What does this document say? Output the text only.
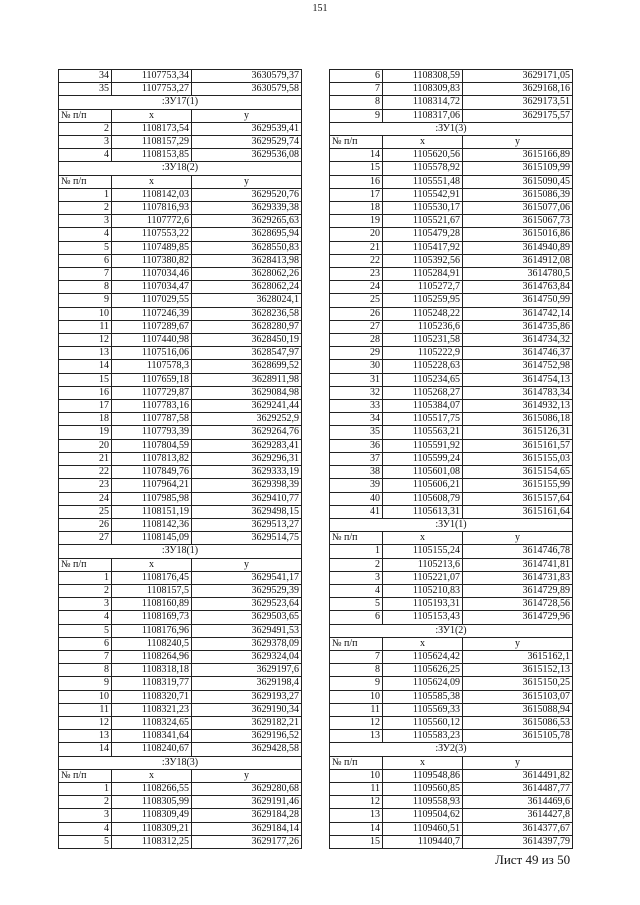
151
34	1107753,34	3630579,37
35	1107753,27	3630579,58
:ЗУ17(1)		
№ п/п	x	y
2	1108173,54	3629539,41
3	1108157,29	3629529,74
4	1108153,85	3629536,08
:ЗУ18(2)		
№ п/п	x	y
1	1108142,03	3629520,76
2	1107816,93	3629339,38
3	1107772,6	3629265,63
4	1107553,22	3628695,94
5	1107489,85	3628550,83
6	1107380,82	3628413,98
7	1107034,46	3628062,26
8	1107034,47	3628062,24
9	1107029,55	3628024,1
10	1107246,39	3628236,58
11	1107289,67	3628280,97
12	1107440,98	3628450,19
13	1107516,06	3628547,97
14	1107578,3	3628699,52
15	1107659,18	3628911,98
16	1107729,87	3629084,98
17	1107783,16	3629241,44
18	1107787,58	3629252,9
19	1107793,39	3629264,76
20	1107804,59	3629283,41
21	1107813,82	3629296,31
22	1107849,76	3629333,19
23	1107964,21	3629398,39
24	1107985,98	3629410,77
25	1108151,19	3629498,15
26	1108142,36	3629513,27
27	1108145,09	3629514,75
:ЗУ18(1)		
№ п/п	x	y
1	1108176,45	3629541,17
2	1108157,5	3629529,39
3	1108160,89	3629523,64
4	1108169,73	3629503,65
5	1108176,96	3629491,53
6	1108240,5	3629378,09
7	1108264,96	3629324,04
8	1108318,18	3629197,6
9	1108319,77	3629198,4
10	1108320,71	3629193,27
11	1108321,23	3629190,34
12	1108324,65	3629182,21
13	1108341,64	3629196,52
14	1108240,67	3629428,58
:ЗУ18(3)		
№ п/п	x	y
1	1108266,55	3629280,68
2	1108305,99	3629191,46
3	1108309,49	3629184,28
4	1108309,21	3629184,14
5	1108312,25	3629177,26
6	1108308,59	3629171,05
7	1108309,83	3629168,16
8	1108314,72	3629173,51
9	1108317,06	3629175,57
:ЗУ1(3)		
№ п/п	x	y
14	1105620,56	3615166,89
15	1105578,92	3615109,99
16	1105551,48	3615090,45
17	1105542,91	3615086,39
18	1105530,17	3615077,06
19	1105521,67	3615067,73
20	1105479,28	3615016,86
21	1105417,92	3614940,89
22	1105392,56	3614912,08
23	1105284,91	3614780,5
24	1105272,7	3614763,84
25	1105259,95	3614750,99
26	1105248,22	3614742,14
27	1105236,6	3614735,86
28	1105231,58	3614734,32
29	1105222,9	3614746,37
30	1105228,63	3614752,98
31	1105234,65	3614754,13
32	1105268,27	3614783,34
33	1105384,07	3614932,13
34	1105517,75	3615086,18
35	1105563,21	3615126,31
36	1105591,92	3615161,57
37	1105599,24	3615155,03
38	1105601,08	3615154,65
39	1105606,21	3615155,99
40	1105608,79	3615157,64
41	1105613,31	3615161,64
:ЗУ1(1)		
№ п/п	x	y
1	1105155,24	3614746,78
2	1105213,6	3614741,81
3	1105221,07	3614731,83
4	1105210,83	3614729,89
5	1105193,31	3614728,56
6	1105153,43	3614729,96
:ЗУ1(2)		
№ п/п	x	y
7	1105624,42	3615162,1
8	1105626,25	3615152,13
9	1105624,09	3615150,25
10	1105585,38	3615103,07
11	1105569,33	3615088,94
12	1105560,12	3615086,53
13	1105583,23	3615105,78
:ЗУ2(3)		
№ п/п	x	y
10	1109548,86	3614491,82
11	1109560,85	3614487,77
12	1109558,93	3614469,6
13	1109504,62	3614427,8
14	1109460,51	3614377,67
15	1109440,7	3614397,79
Лист 49 из 50
